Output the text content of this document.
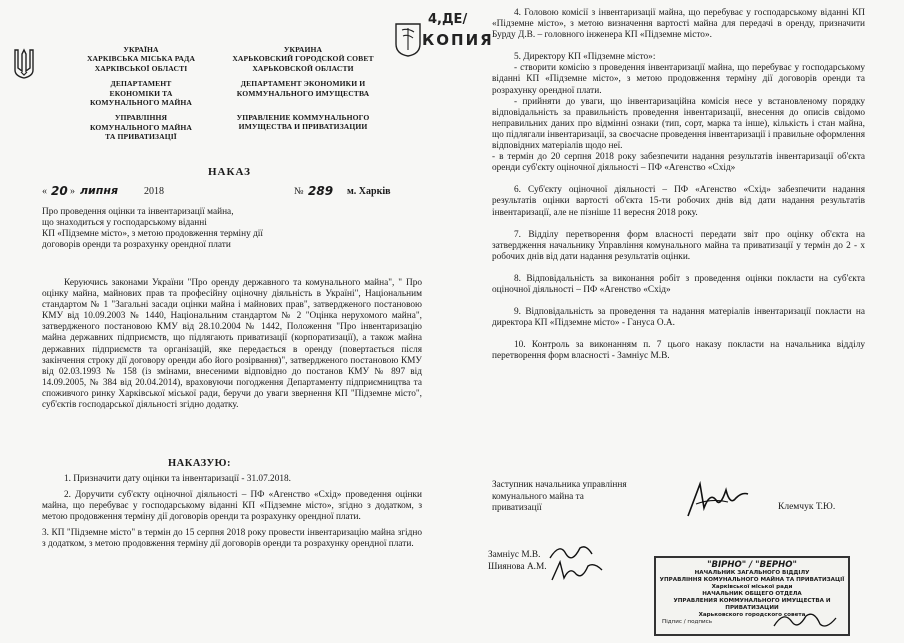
УКРАЇНА
ХАРКІВСЬКА МІСЬКА РАДА
ХАРКІВСЬКОЇ ОБЛАСТІ
ДЕПАРТАМЕНТ
ЕКОНОМІКИ ТА
КОМУНАЛЬНОГО МАЙНА
УПРАВЛІННЯ
КОМУНАЛЬНОГО МАЙНА
ТА ПРИВАТИЗАЦІЇ
4,ДЕ/
КОПИЯ
УКРАИНА
ХАРЬКОВСКИЙ ГОРОДСКОЙ СОВЕТ
ХАРЬКОВСКОЙ ОБЛАСТИ
ДЕПАРТАМЕНТ ЭКОНОМИКИ И
КОММУНАЛЬНОГО ИМУЩЕСТВА
УПРАВЛЕНИЕ КОММУНАЛЬНОГО
ИМУЩЕСТВА И ПРИВАТИЗАЦИИ
НАКАЗ
« 20 » липня	2018	№ 289 м. Харків

Про проведення оцінки та інвентаризації майна,

що знаходиться у господарському віданні

КП «Підземне місто», з метою продовження терміну дії

договорів оренди та розрахунку орендної плати

Керуючись законами України "Про оренду державного та комунального майна", " Про оцінку майна, майнових прав та професійну оціночну діяльність в Україні", Національним стандартом № 1 "Загальні засади оцінки майна і майнових прав", затвердженого постановою КМУ від 10.09.2003 № 1440, Національним стандартом № 2 "Оцінка нерухомого майна", затвердженого постановою КМУ від 28.10.2004 № 1442, Положення "Про інвентаризацію майна державних підприємств, що підлягають приватизації (корпоратизації), а також майна державних підприємств та організацій, яке передається в оренду (повертається після закінчення строку дії договору оренди або його розірвання)", затвердженого постановою КМУ від 02.03.1993 № 158 (із змінами, внесеними відповідно до постанов КМУ № 897 від 14.09.2005, № 384 від 20.04.2014), враховуючи погодження Департаменту підприємництва та споживчого ринку Харківської міської ради, беручи до уваги звернення КП "Підземне місто", суб'єктів господарської діяльності згідно додатку.
НАКАЗУЮ:

1. Призначити дату оцінки та інвентаризації - 31.07.2018.

2. Доручити суб'єкту оціночної діяльності – ПФ «Агенство «Схід» проведення оцінки майна, що перебуває у господарському віданні КП «Підземне місто», згідно з додатком, з метою продовження терміну дії договорів оренди та розрахунку орендної плати.

3. КП "Підземне місто" в термін до 15 серпня 2018 року провести інвентаризацію майна згідно з додатком, з метою продовження терміну дії договорів оренди та розрахунку орендної плати.

4. Головою комісії з інвентаризації майна, що перебуває у господарському віданні КП «Підземне місто», з метою визначення вартості майна для передачі в оренду, призначити Бурду Д.В. – головного інженера КП «Підземне місто».

5. Директору КП «Підземне місто»:

- створити комісію з проведення інвентаризації майна, що перебуває у господарському віданні КП «Підземне місто», з метою продовження терміну дії договорів оренди та розрахунку орендної плати.

- прийняти до уваги, що інвентаризаційна комісія несе у встановленому порядку відповідальність за правильність проведення інвентаризації, внесення до описів свідомо неправильних даних про відмінні ознаки (тип, сорт, марка та інше), кількість і стан майна, що підлягали інвентаризації, за своєчасне проведення інвентаризації і правильне оформлення відповідних матеріалів щодо неї.

- в термін до 20 серпня 2018 року забезпечити надання результатів інвентаризації об'єкта оренди суб'єкту оціночної діяльності – ПФ «Агенство «Схід»

6. Суб'єкту оціночної діяльності – ПФ «Агенство «Схід» забезпечити надання результатів оцінки вартості об'єкта 15-ти робочих днів від дати надання результатів інвентаризації, але не пізніше 11 вересня 2018 року.

7. Відділу перетворення форм власності передати звіт про оцінку об'єкта на затвердження начальнику Управління комунального майна та приватизації у термін до 2 - х робочих днів від дати надання результатів оцінки.

8. Відповідальність за виконання робіт з проведення оцінки покласти на суб'єкта оціночної діяльності – ПФ «Агенство «Схід»

9. Відповідальність за проведення та надання матеріалів інвентаризації покласти на директора КП «Підземне місто» - Гануса О.А.

10. Контроль за виконанням п. 7 цього наказу покласти на начальника відділу перетворення форм власності - Замніус М.В.

Заступник начальника управління
комунального майна та
приватизації	Клемчук Т.Ю.
Замніус М.В.
Шиянова А.М.	"ВІРНО" / "ВЕРНО"
НАЧАЛЬНИК ЗАГАЛЬНОГО ВІДДІЛУ
УПРАВЛІННЯ КОМУНАЛЬНОГО МАЙНА ТА ПРИВАТИЗАЦІЇ
Харківської міської ради
НАЧАЛЬНИК ОБЩЕГО ОТДЕЛА
УПРАВЛЕНИЯ КОММУНАЛЬНОГО ИМУЩЕСТВА И ПРИВАТИЗАЦИИ
Харьковского городского совета
Підпис / подпись
